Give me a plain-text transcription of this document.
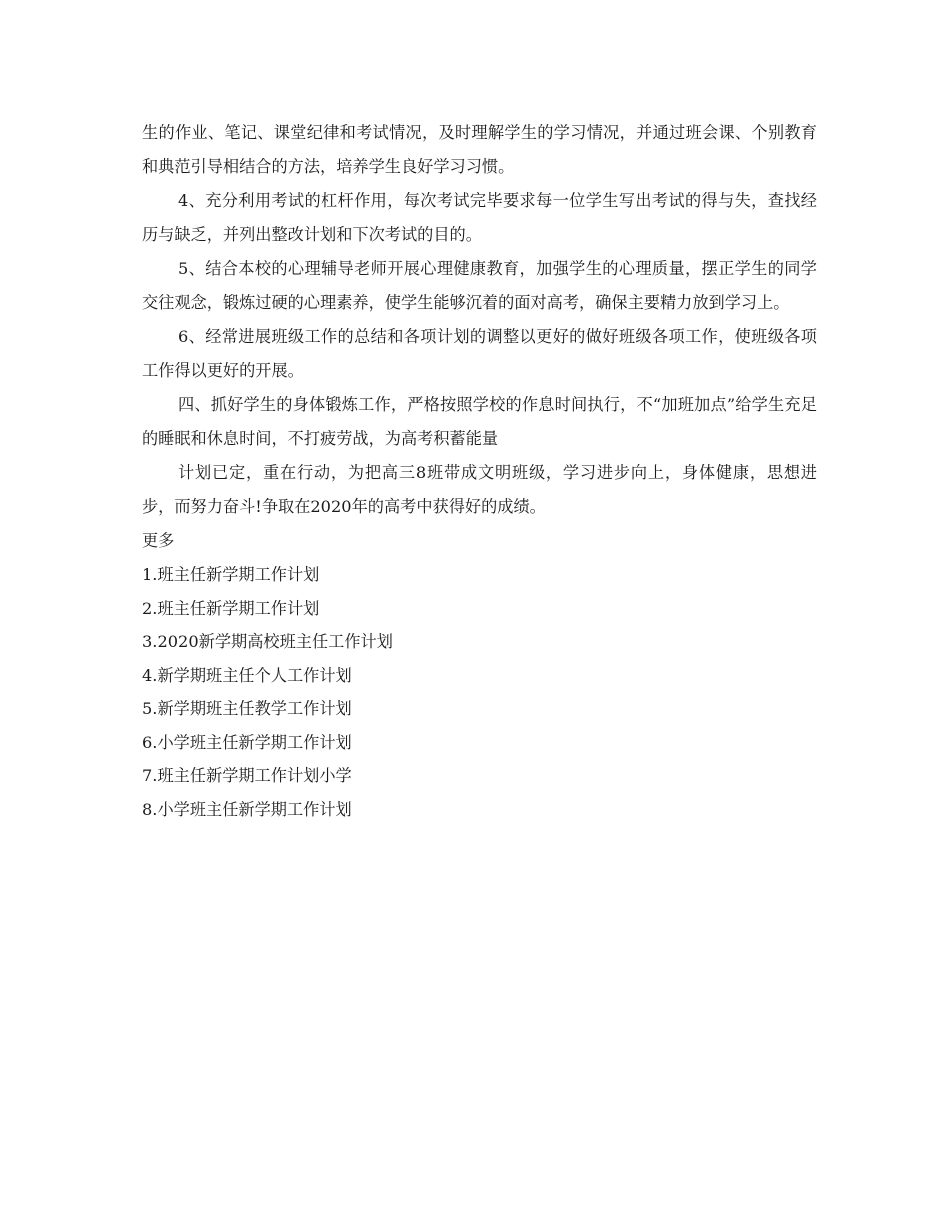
生的作业、笔记、课堂纪律和考试情况，及时理解学生的学习情况，并通过班会课、个别教育和典范引导相结合的方法，培养学生良好学习习惯。

4、充分利用考试的杠杆作用，每次考试完毕要求每一位学生写出考试的得与失，查找经历与缺乏，并列出整改计划和下次考试的目的。

5、结合本校的心理辅导老师开展心理健康教育，加强学生的心理质量，摆正学生的同学交往观念，锻炼过硬的心理素养，使学生能够沉着的面对高考，确保主要精力放到学习上。

6、经常进展班级工作的总结和各项计划的调整以更好的做好班级各项工作，使班级各项工作得以更好的开展。

四、抓好学生的身体锻炼工作，严格按照学校的作息时间执行，不“加班加点”给学生充足的睡眠和休息时间，不打疲劳战，为高考积蓄能量

计划已定，重在行动，为把高三8班带成文明班级，学习进步向上，身体健康，思想进步，而努力奋斗!争取在2020年的高考中获得好的成绩。

更多

1.班主任新学期工作计划
2.班主任新学期工作计划
3.2020新学期高校班主任工作计划
4.新学期班主任个人工作计划
5.新学期班主任教学工作计划
6.小学班主任新学期工作计划
7.班主任新学期工作计划小学
8.小学班主任新学期工作计划
